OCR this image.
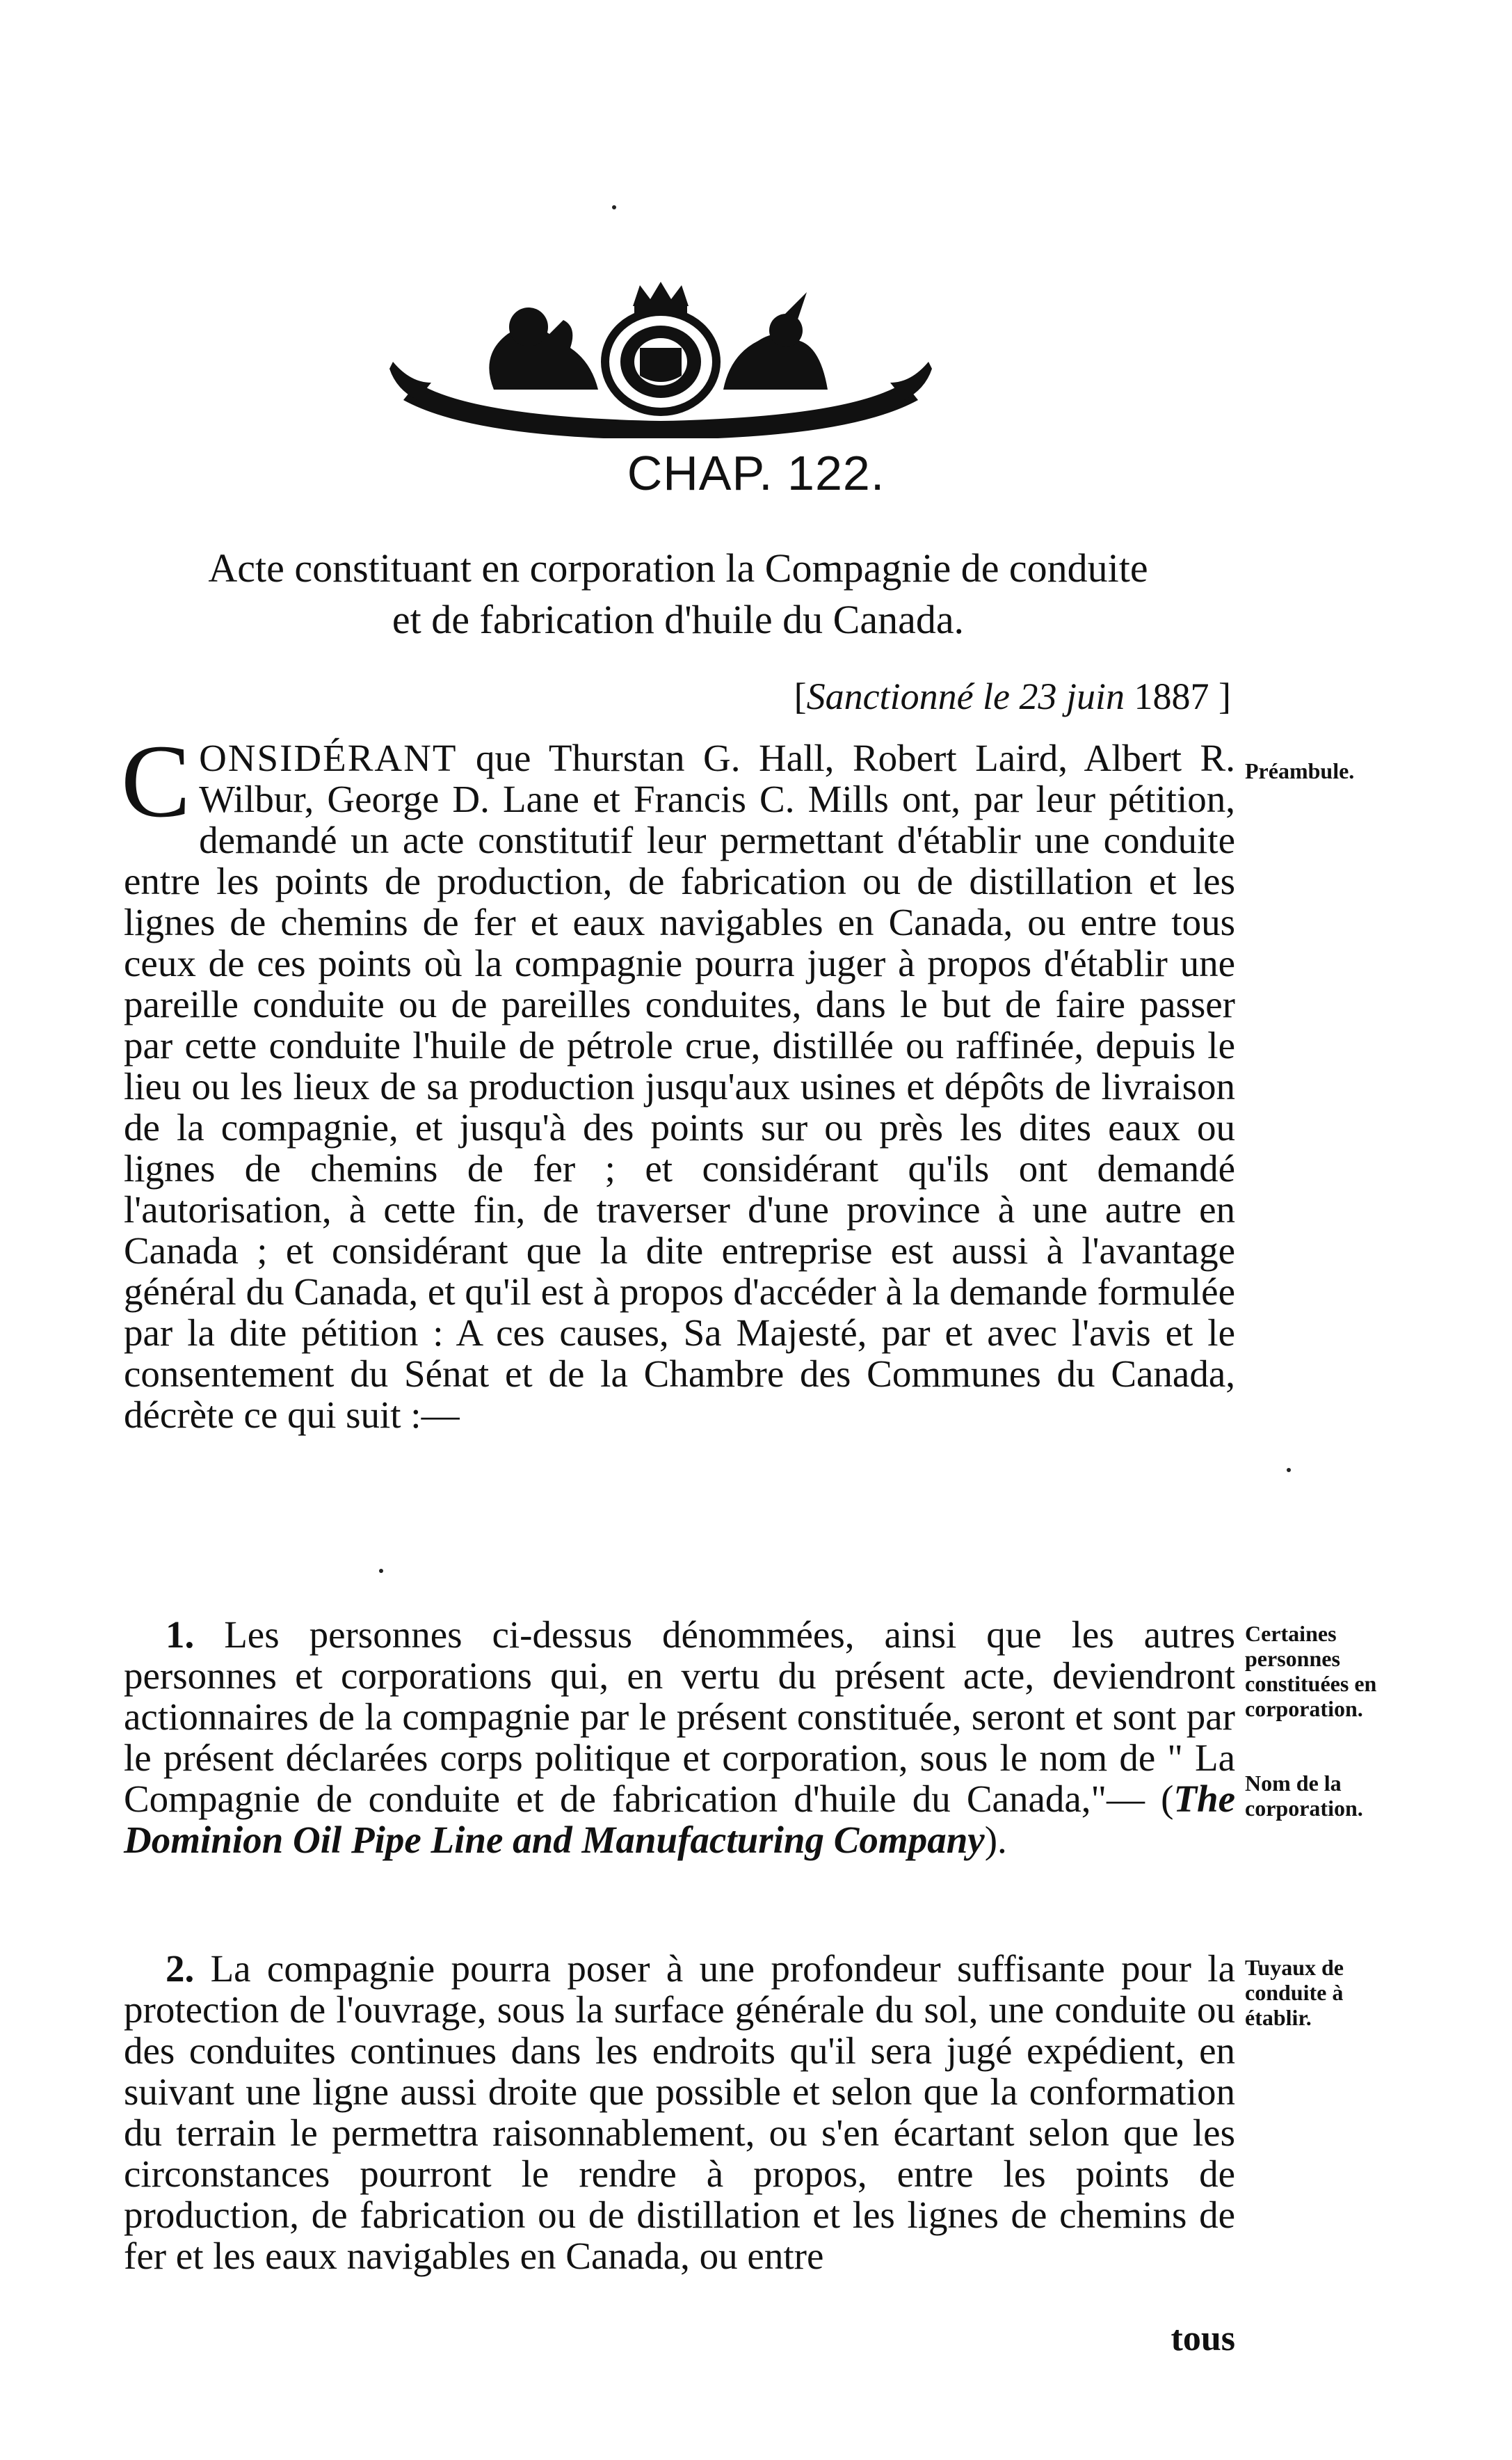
CHAP. 122.
Acte constituant en corporation la Compagnie de conduite
et de fabrication d'huile du Canada.
[Sanctionné le 23 juin 1887 ]

CONSIDÉRANT que Thurstan G. Hall, Robert Laird, Albert R. Wilbur, George D. Lane et Francis C. Mills ont, par leur pétition, demandé un acte constitutif leur permettant d'établir une conduite entre les points de production, de fabrication ou de distillation et les lignes de chemins de fer et eaux navigables en Canada, ou entre tous ceux de ces points où la compagnie pourra juger à propos d'établir une pareille conduite ou de pareilles conduites, dans le but de faire passer par cette conduite l'huile de pétrole crue, distillée ou raffinée, depuis le lieu ou les lieux de sa production jusqu'aux usines et dépôts de livraison de la compagnie, et jusqu'à des points sur ou près les dites eaux ou lignes de chemins de fer ; et considérant qu'ils ont demandé l'autorisation, à cette fin, de traverser d'une province à une autre en Canada ; et considérant que la dite entreprise est aussi à l'avantage général du Canada, et qu'il est à propos d'accéder à la demande formulée par la dite pétition : A ces causes, Sa Majesté, par et avec l'avis et le consentement du Sénat et de la Chambre des Communes du Canada, décrète ce qui suit :—

1. Les personnes ci-dessus dénommées, ainsi que les autres personnes et corporations qui, en vertu du présent acte, deviendront actionnaires de la compagnie par le présent constituée, seront et sont par le présent déclarées corps politique et corporation, sous le nom de " La Compagnie de conduite et de fabrication d'huile du Canada,"— (The Dominion Oil Pipe Line and Manufacturing Company).

2. La compagnie pourra poser à une profondeur suffisante pour la protection de l'ouvrage, sous la surface générale du sol, une conduite ou des conduites continues dans les endroits qu'il sera jugé expédient, en suivant une ligne aussi droite que possible et selon que la conformation du terrain le permettra raisonnablement, ou s'en écartant selon que les circonstances pourront le rendre à propos, entre les points de production, de fabrication ou de distillation et les lignes de chemins de fer et les eaux navigables en Canada, ou entre

tous
Préambule.
Certaines personnes constituées en corporation.
Nom de la corporation.
Tuyaux de conduite à établir.
